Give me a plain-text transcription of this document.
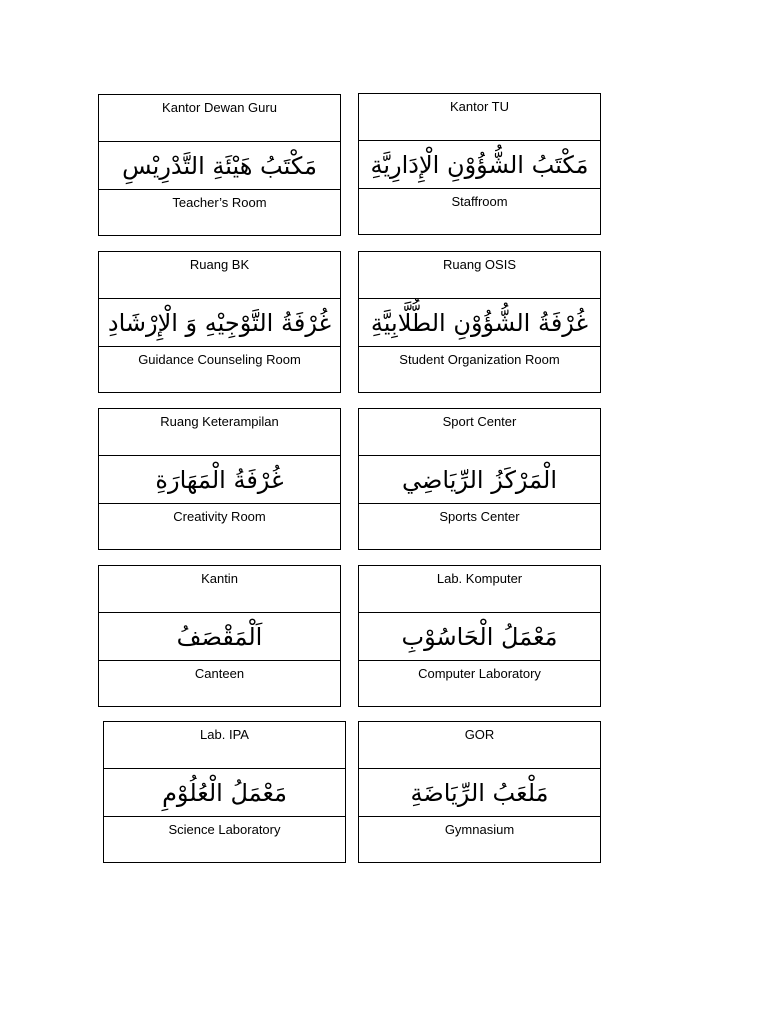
Kantor Dewan Guru
مَكْتَبُ هَيْئَةِ التَّدْرِيْسِ
Teacher’s Room
Kantor TU
مَكْتَبُ الشُّؤُوْنِ الْإِدَارِيَّةِ
Staffroom
Ruang BK
غُرْفَةُ التَّوْجِيْهِ وَ الْإِرْشَادِ
Guidance Counseling Room
Ruang OSIS
غُرْفَةُ الشُّؤُوْنِ الطُّلَّابِيَّةِ
Student Organization Room
Ruang Keterampilan
غُرْفَةُ الْمَهَارَةِ
Creativity Room
Sport Center
الْمَرْكَزُ الرِّيَاضِي
Sports Center
Kantin
اَلْمَقْصَفُ
Canteen
Lab. Komputer
مَعْمَلُ الْحَاسُوْبِ
Computer Laboratory
Lab. IPA
مَعْمَلُ الْعُلُوْمِ
Science Laboratory
GOR
مَلْعَبُ الرِّيَاضَةِ
Gymnasium
